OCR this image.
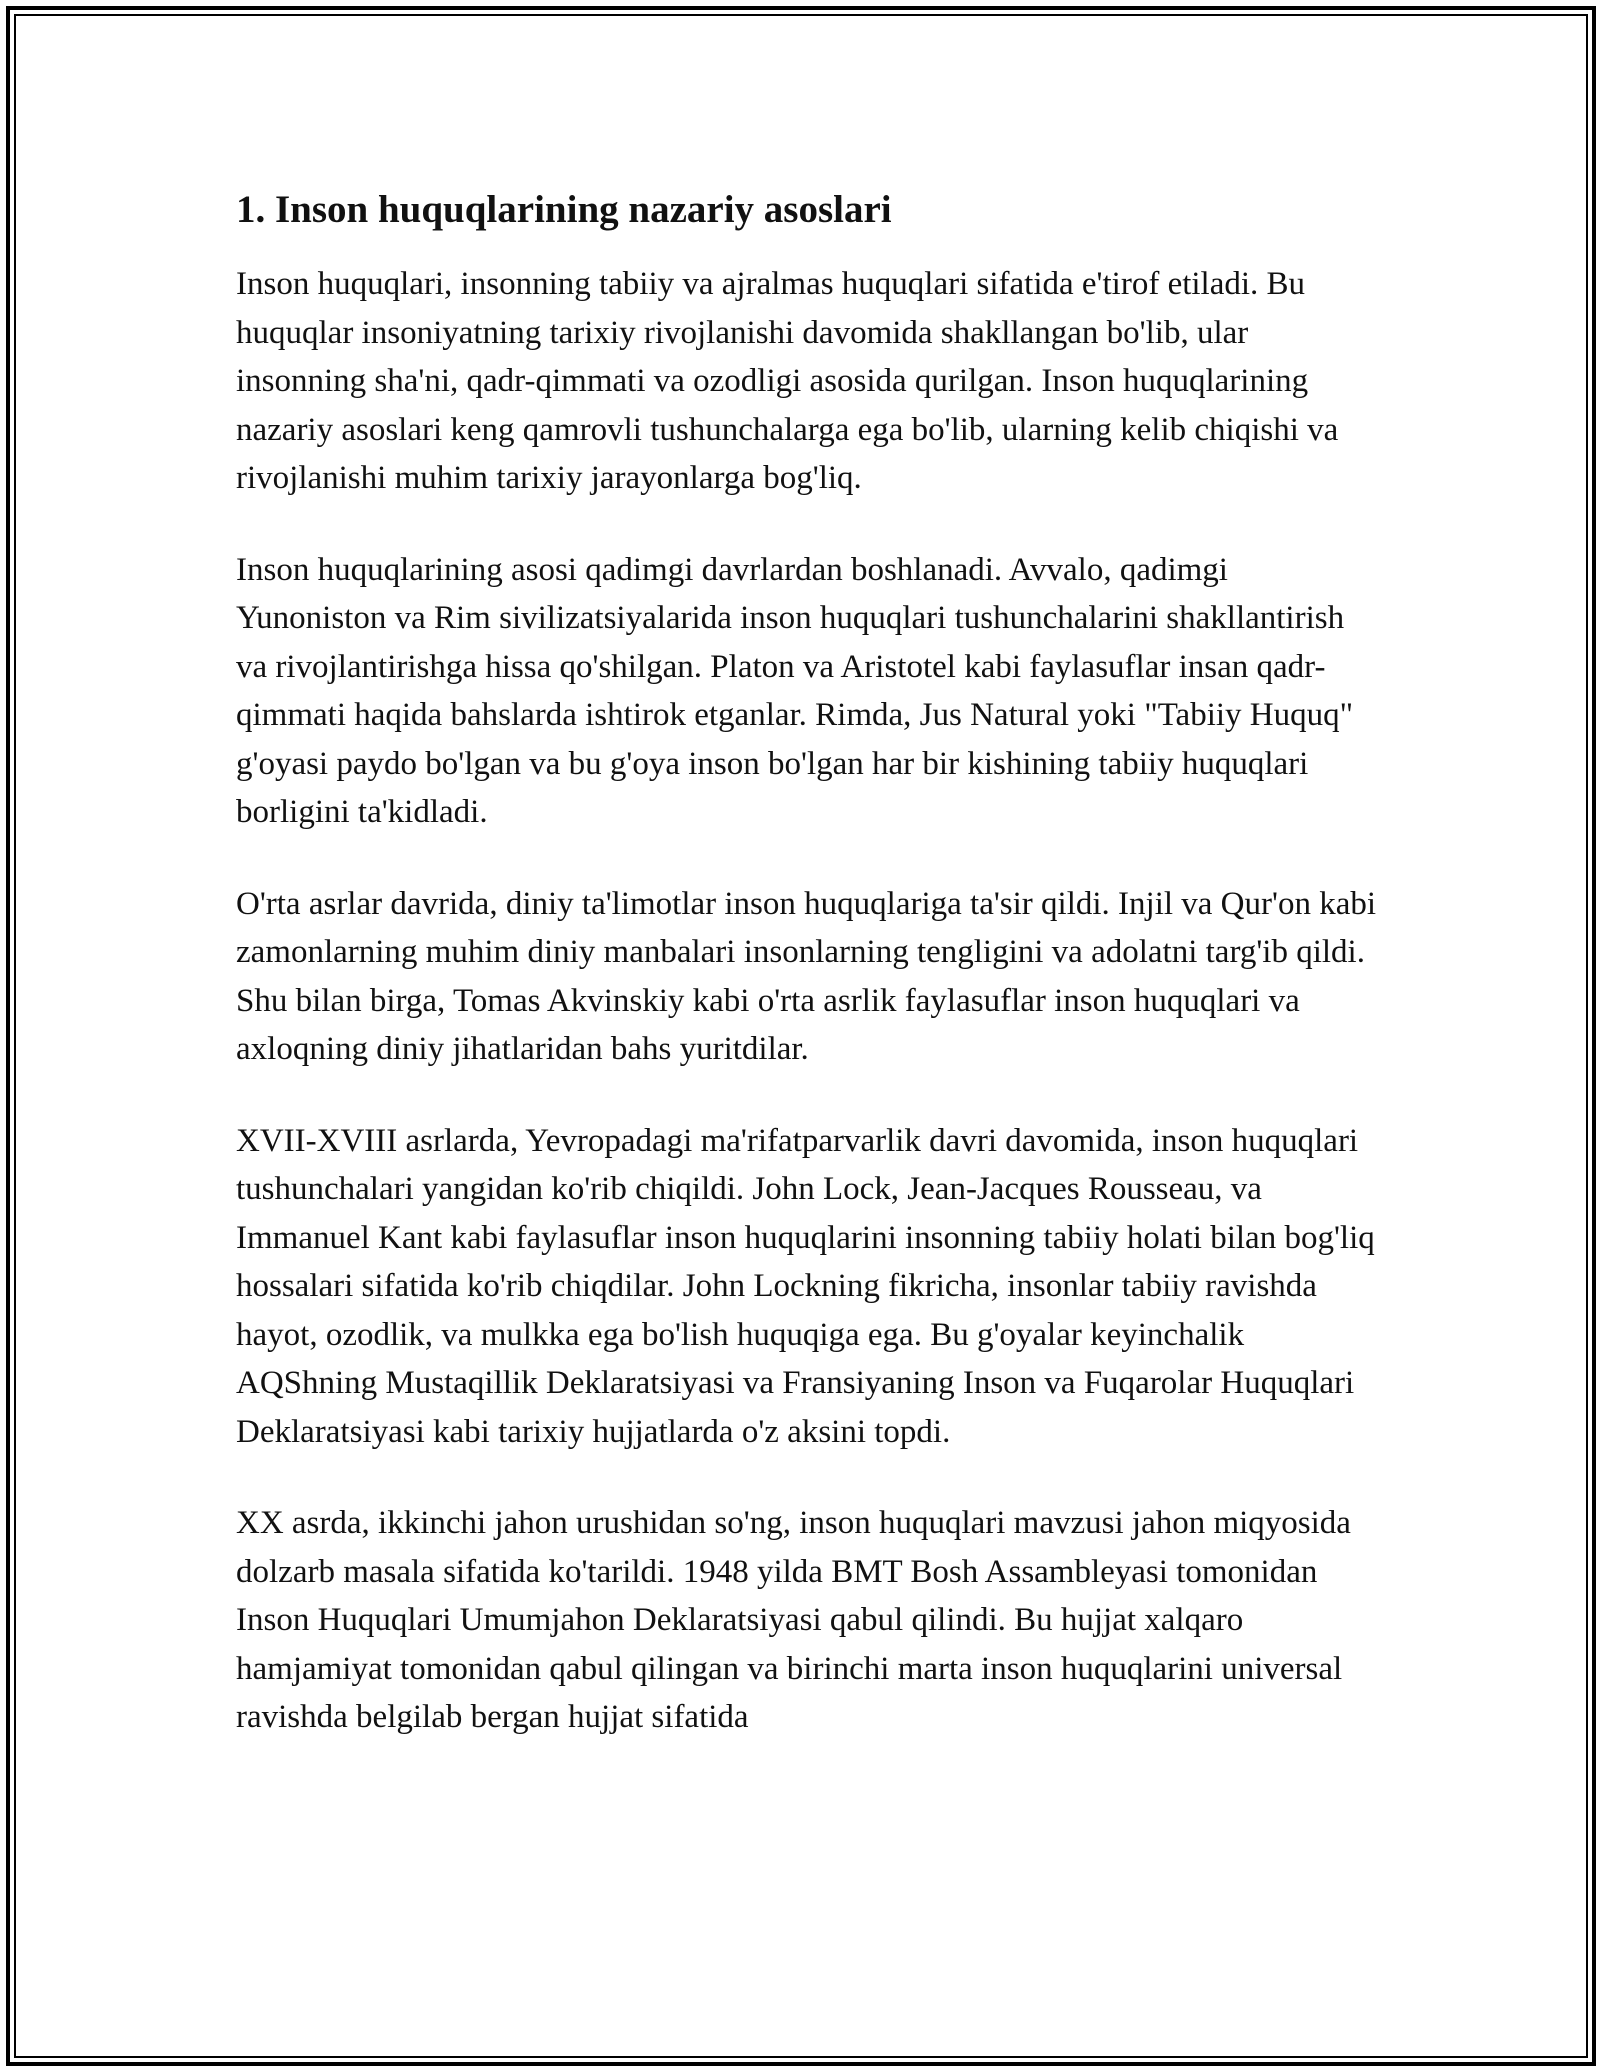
1. Inson huquqlarining nazariy asoslari

Inson huquqlari, insonning tabiiy va ajralmas huquqlari sifatida e'tirof etiladi. Bu huquqlar insoniyatning tarixiy rivojlanishi davomida shakllangan bo'lib, ular insonning sha'ni, qadr-qimmati va ozodligi asosida qurilgan. Inson huquqlarining nazariy asoslari keng qamrovli tushunchalarga ega bo'lib, ularning kelib chiqishi va rivojlanishi muhim tarixiy jarayonlarga bog'liq.

Inson huquqlarining asosi qadimgi davrlardan boshlanadi. Avvalo, qadimgi Yunoniston va Rim sivilizatsiyalarida inson huquqlari tushunchalarini shakllantirish va rivojlantirishga hissa qo'shilgan. Platon va Aristotel kabi faylasuflar insan qadr-qimmati haqida bahslarda ishtirok etganlar. Rimda, Jus Natural yoki "Tabiiy Huquq" g'oyasi paydo bo'lgan va bu g'oya inson bo'lgan har bir kishining tabiiy huquqlari borligini ta'kidladi.

O'rta asrlar davrida, diniy ta'limotlar inson huquqlariga ta'sir qildi. Injil va Qur'on kabi zamonlarning muhim diniy manbalari insonlarning tengligini va adolatni targ'ib qildi. Shu bilan birga, Tomas Akvinskiy kabi o'rta asrlik faylasuflar inson huquqlari va axloqning diniy jihatlaridan bahs yuritdilar.

XVII-XVIII asrlarda, Yevropadagi ma'rifatparvarlik davri davomida, inson huquqlari tushunchalari yangidan ko'rib chiqildi. John Lock, Jean-Jacques Rousseau, va Immanuel Kant kabi faylasuflar inson huquqlarini insonning tabiiy holati bilan bog'liq hossalari sifatida ko'rib chiqdilar. John Lockning fikricha, insonlar tabiiy ravishda hayot, ozodlik, va mulkka ega bo'lish huquqiga ega. Bu g'oyalar keyinchalik AQShning Mustaqillik Deklaratsiyasi va Fransiyaning Inson va Fuqarolar Huquqlari Deklaratsiyasi kabi tarixiy hujjatlarda o'z aksini topdi.

XX asrda, ikkinchi jahon urushidan so'ng, inson huquqlari mavzusi jahon miqyosida dolzarb masala sifatida ko'tarildi. 1948 yilda BMT Bosh Assambleyasi tomonidan Inson Huquqlari Umumjahon Deklaratsiyasi qabul qilindi. Bu hujjat xalqaro hamjamiyat tomonidan qabul qilingan va birinchi marta inson huquqlarini universal ravishda belgilab bergan hujjat sifatida
